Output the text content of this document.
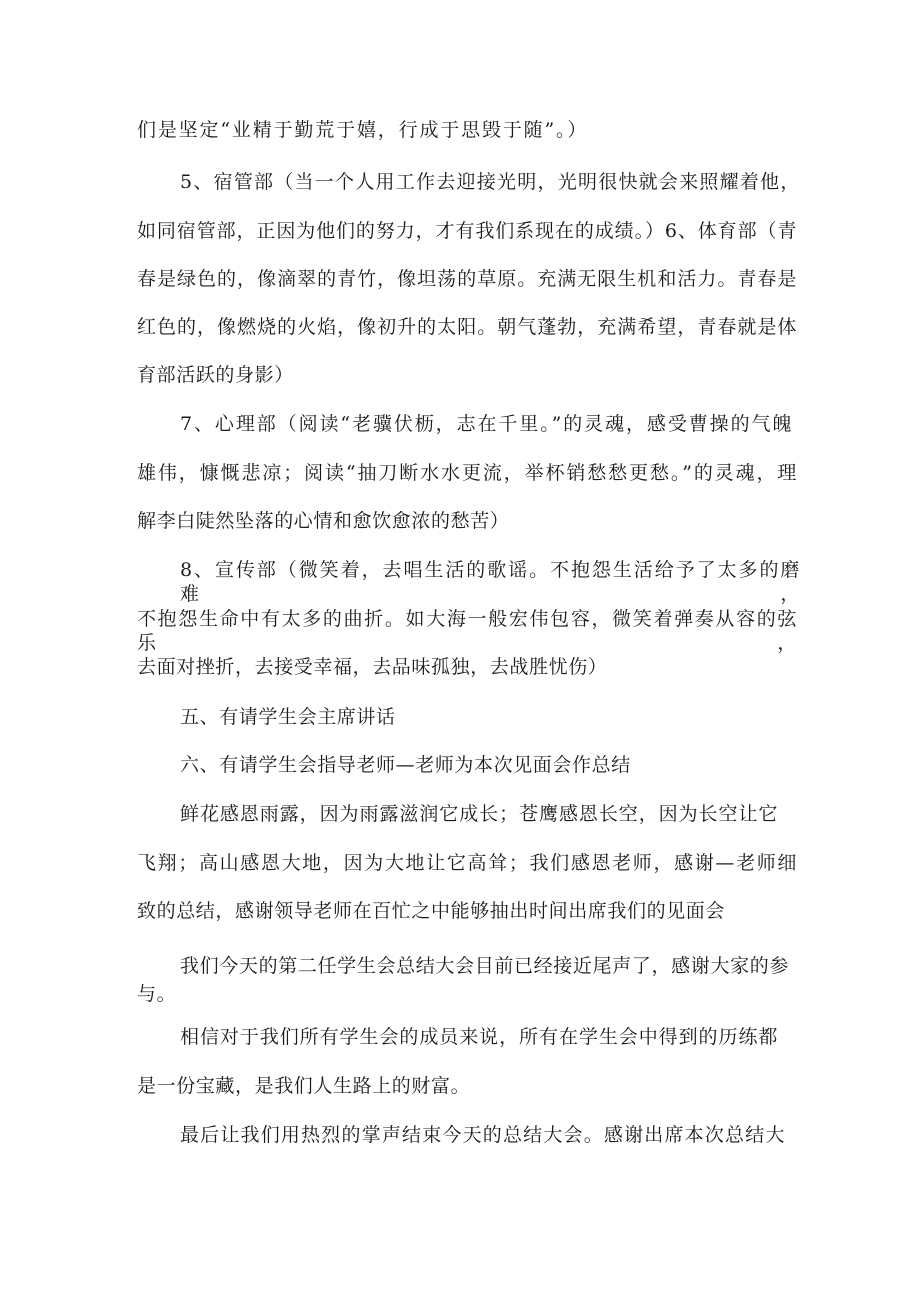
们是坚定“业精于勤荒于嬉，行成于思毁于随”。）
5、宿管部（当一个人用工作去迎接光明，光明很快就会来照耀着他，
如同宿管部，正因为他们的努力，才有我们系现在的成绩。）6、体育部（青
春是绿色的，像滴翠的青竹，像坦荡的草原。充满无限生机和活力。青春是
红色的，像燃烧的火焰，像初升的太阳。朝气蓬勃，充满希望，青春就是体
育部活跃的身影）
7、心理部（阅读“老骥伏枥，志在千里。”的灵魂，感受曹操的气魄
雄伟，慷慨悲凉；阅读“抽刀断水水更流，举杯销愁愁更愁。”的灵魂，理
解李白陡然坠落的心情和愈饮愈浓的愁苦）
8、宣传部（微笑着，去唱生活的歌谣。不抱怨生活给予了太多的磨难，
不抱怨生命中有太多的曲折。如大海一般宏伟包容，微笑着弹奏从容的弦乐，
去面对挫折，去接受幸福，去品味孤独，去战胜忧伤）
五、有请学生会主席讲话
六、有请学生会指导老师—老师为本次见面会作总结
鲜花感恩雨露，因为雨露滋润它成长；苍鹰感恩长空，因为长空让它
飞翔；高山感恩大地，因为大地让它高耸；我们感恩老师，感谢—老师细
致的总结，感谢领导老师在百忙之中能够抽出时间出席我们的见面会
我们今天的第二任学生会总结大会目前已经接近尾声了，感谢大家的参
与。
相信对于我们所有学生会的成员来说，所有在学生会中得到的历练都
是一份宝藏，是我们人生路上的财富。
最后让我们用热烈的掌声结束今天的总结大会。感谢出席本次总结大
